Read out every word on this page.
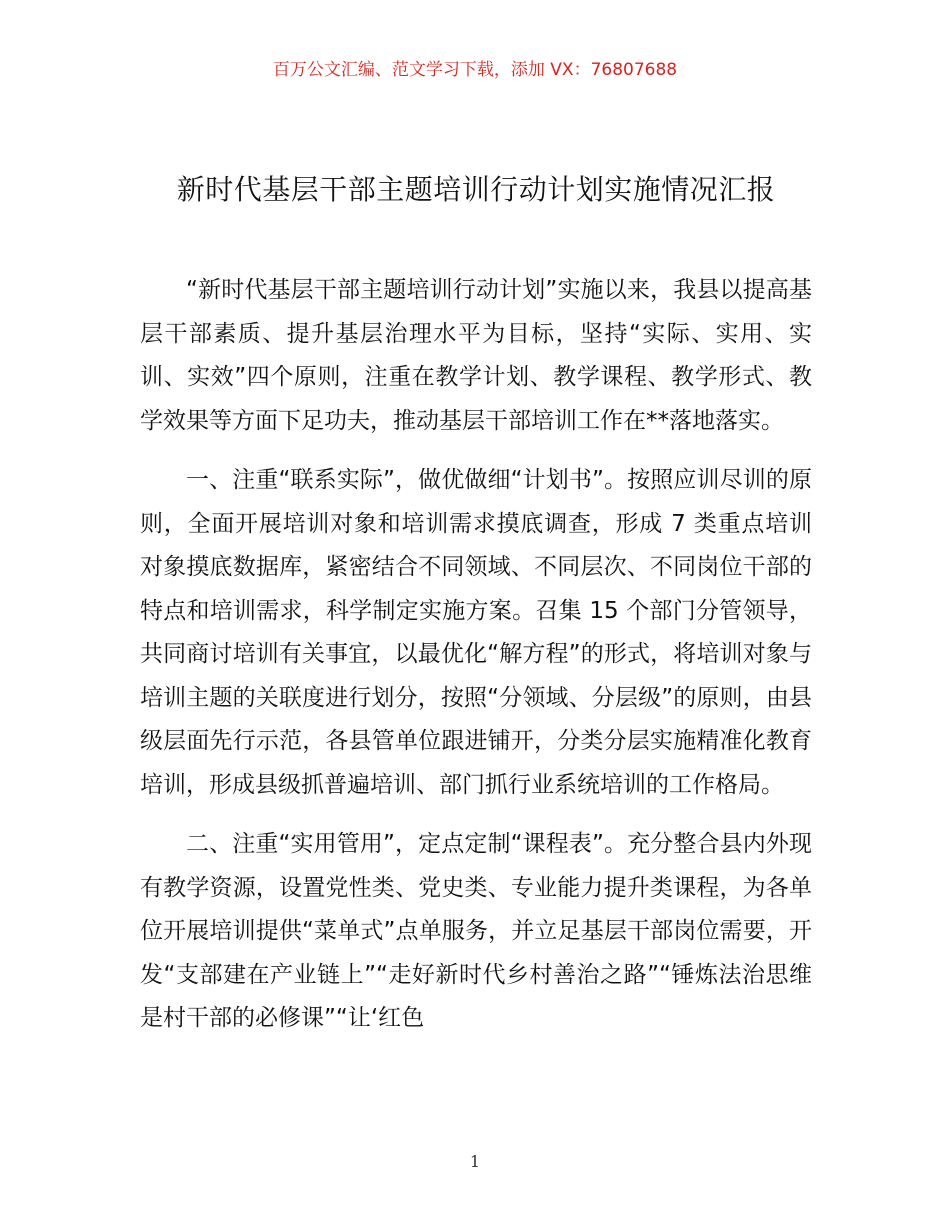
百万公文汇编、范文学习下载，添加 VX：76807688
新时代基层干部主题培训行动计划实施情况汇报

“新时代基层干部主题培训行动计划”实施以来，我县以提高基层干部素质、提升基层治理水平为目标，坚持“实际、实用、实训、实效”四个原则，注重在教学计划、教学课程、教学形式、教学效果等方面下足功夫，推动基层干部培训工作在**落地落实。

一、注重“联系实际”，做优做细“计划书”。按照应训尽训的原则，全面开展培训对象和培训需求摸底调查，形成 7 类重点培训对象摸底数据库，紧密结合不同领域、不同层次、不同岗位干部的特点和培训需求，科学制定实施方案。召集 15 个部门分管领导，共同商讨培训有关事宜，以最优化“解方程”的形式，将培训对象与培训主题的关联度进行划分，按照“分领域、分层级”的原则，由县级层面先行示范，各县管单位跟进铺开，分类分层实施精准化教育培训，形成县级抓普遍培训、部门抓行业系统培训的工作格局。

二、注重“实用管用”，定点定制“课程表”。充分整合县内外现有教学资源，设置党性类、党史类、专业能力提升类课程，为各单位开展培训提供“菜单式”点单服务，并立足基层干部岗位需要，开发“支部建在产业链上”“走好新时代乡村善治之路”“锤炼法治思维是村干部的必修课”“让‘红色

1
